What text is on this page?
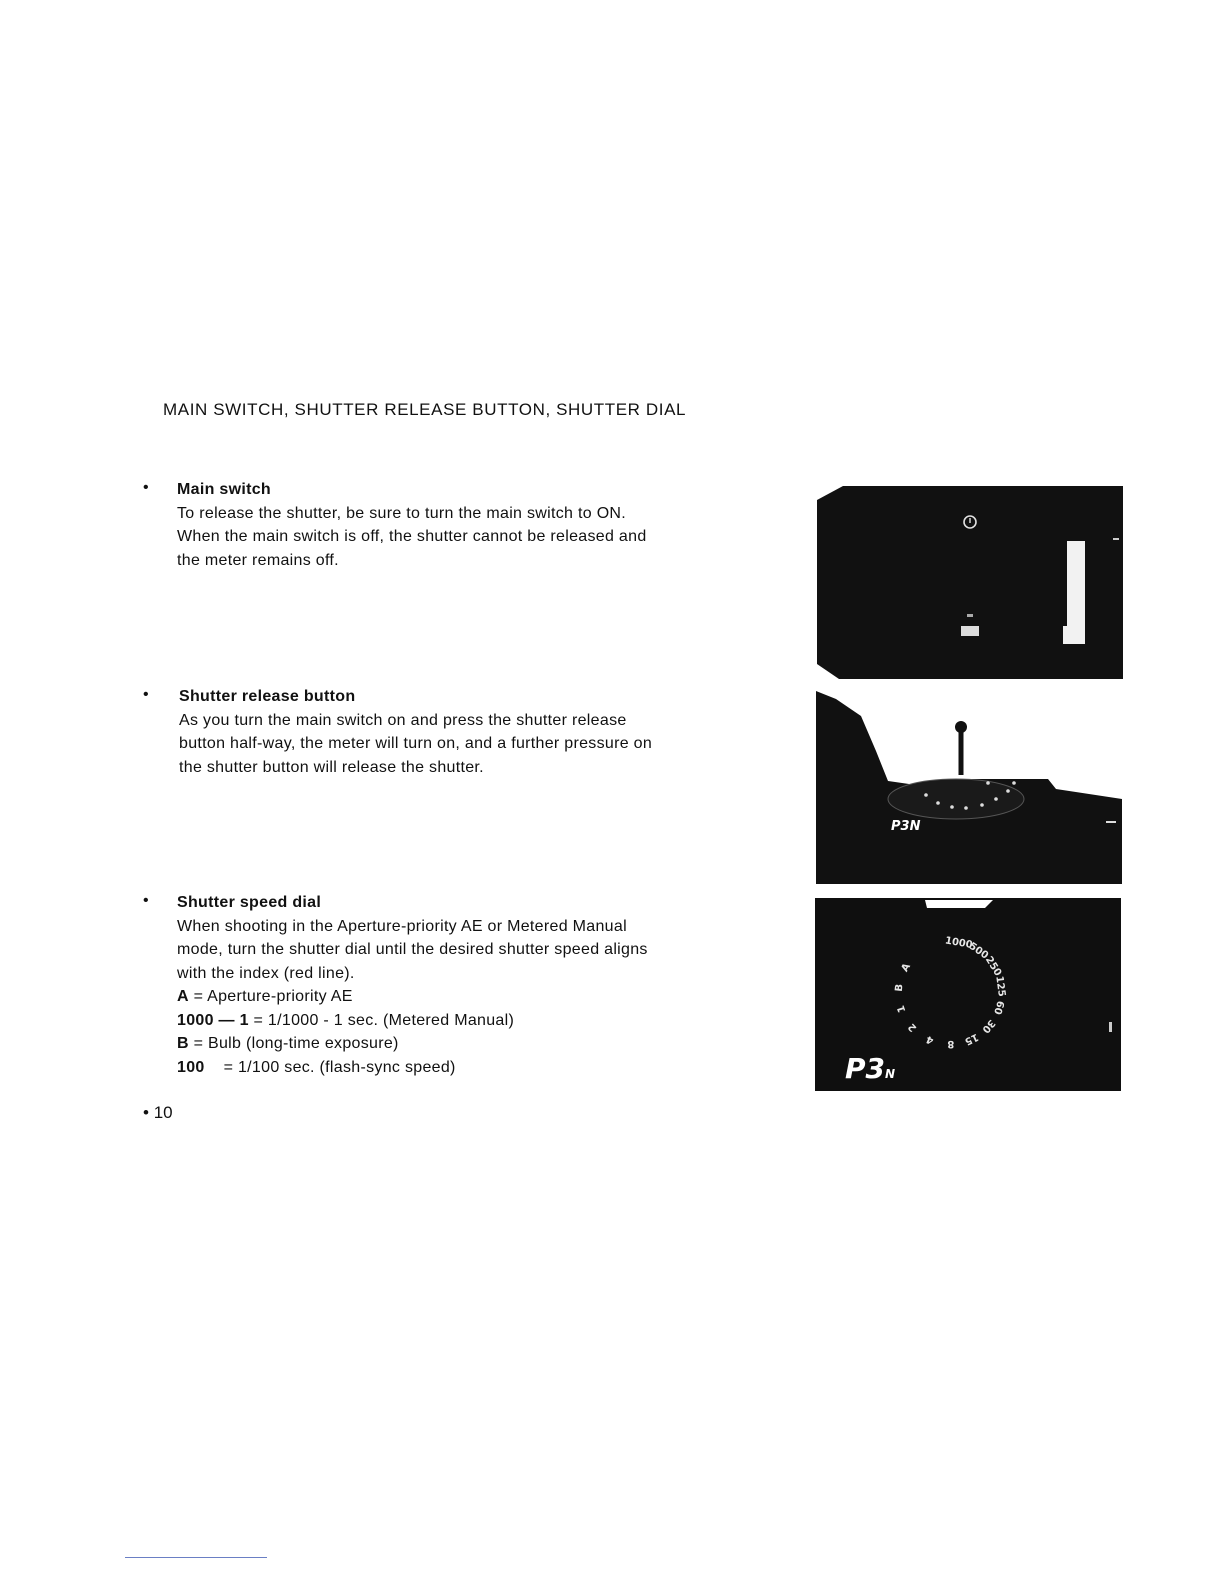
MAIN SWITCH, SHUTTER RELEASE BUTTON, SHUTTER DIAL
• Main switch
To release the shutter, be sure to turn the main switch to ON.
When the main switch is off, the shutter cannot be released and
the meter remains off.
• Shutter release button
As you turn the main switch on and press the shutter release
button half-way, the meter will turn on, and a further pressure on
the shutter button will release the shutter.
• Shutter speed dial
When shooting in the Aperture-priority AE or Metered Manual
mode, turn the shutter dial until the desired shutter speed aligns
with the index (red line).
A = Aperture-priority AE
1000 — 1 = 1/1000 - 1 sec. (Metered Manual)
B = Bulb (long-time exposure)
100    = 1/100 sec. (flash-sync speed)
P3N
1000
500
250
125
60
30
15
8
4
2
1
B
A
P3N
• 10
